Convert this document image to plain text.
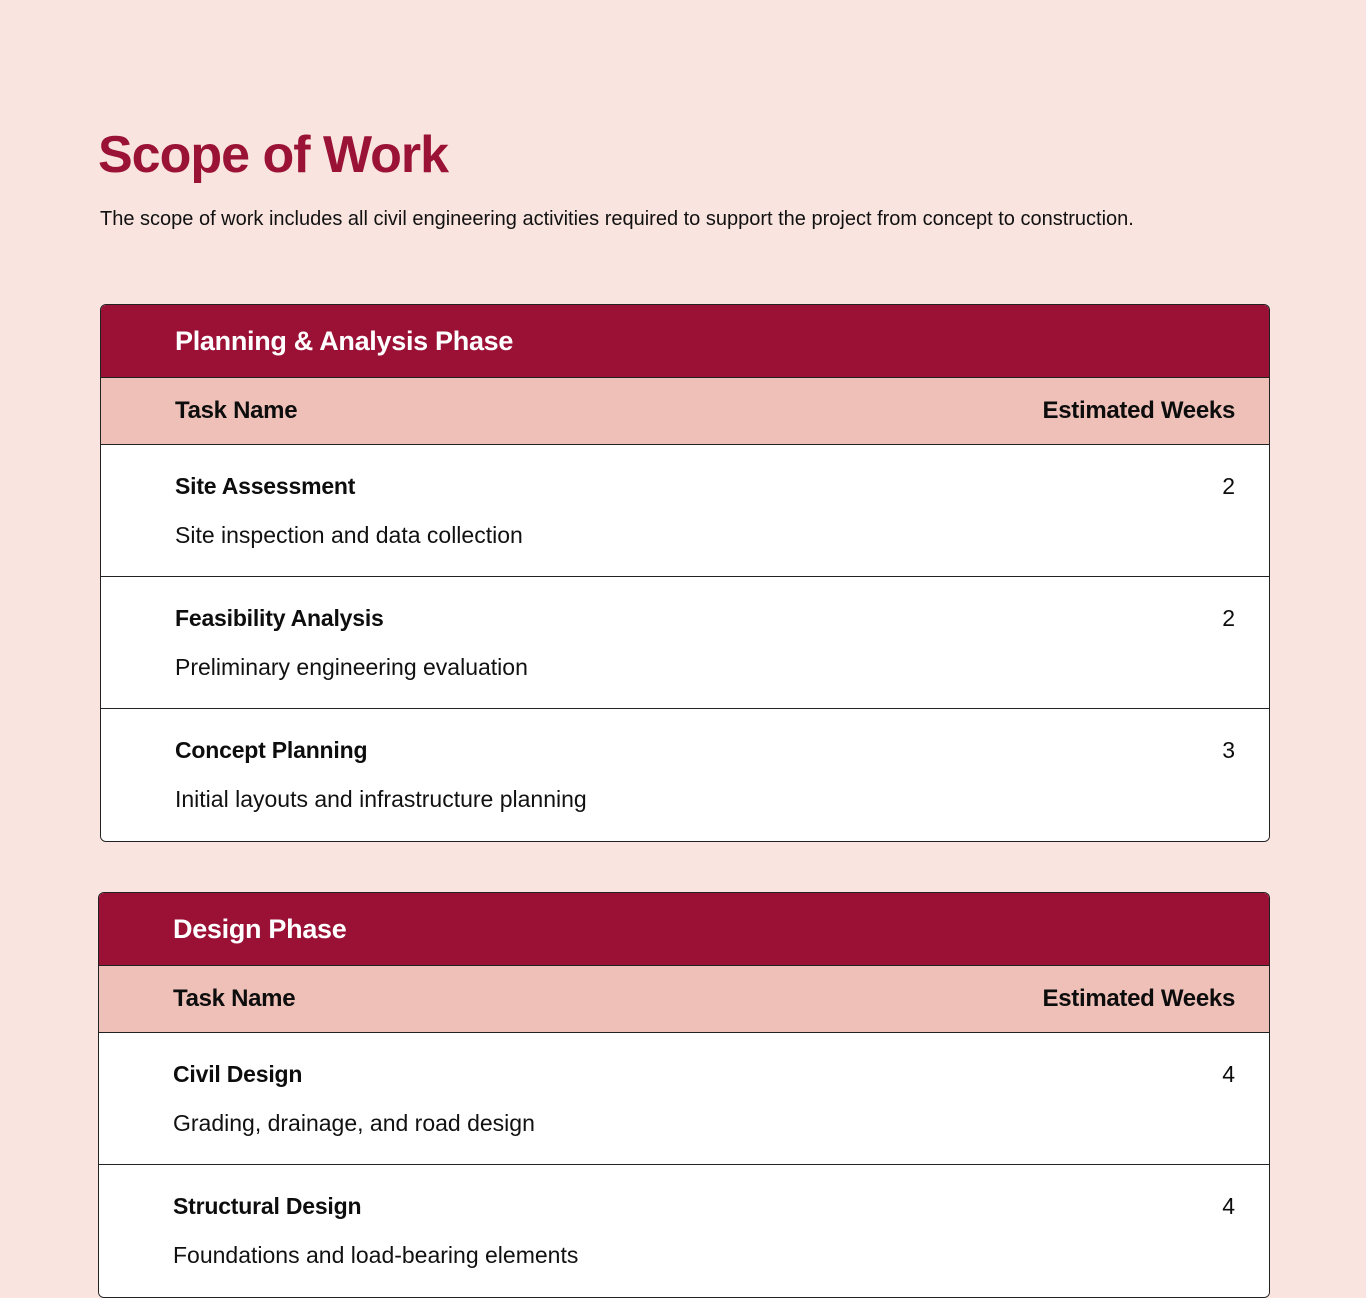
Scope of Work

The scope of work includes all civil engineering activities required to support the project from concept to construction.

Planning & Analysis Phase
Task Name	Estimated Weeks
Site Assessment	2
Site inspection and data collection
Feasibility Analysis	2
Preliminary engineering evaluation
Concept Planning	3
Initial layouts and infrastructure planning
Design Phase
Task Name	Estimated Weeks
Civil Design	4
Grading, drainage, and road design
Structural Design	4
Foundations and load-bearing elements
